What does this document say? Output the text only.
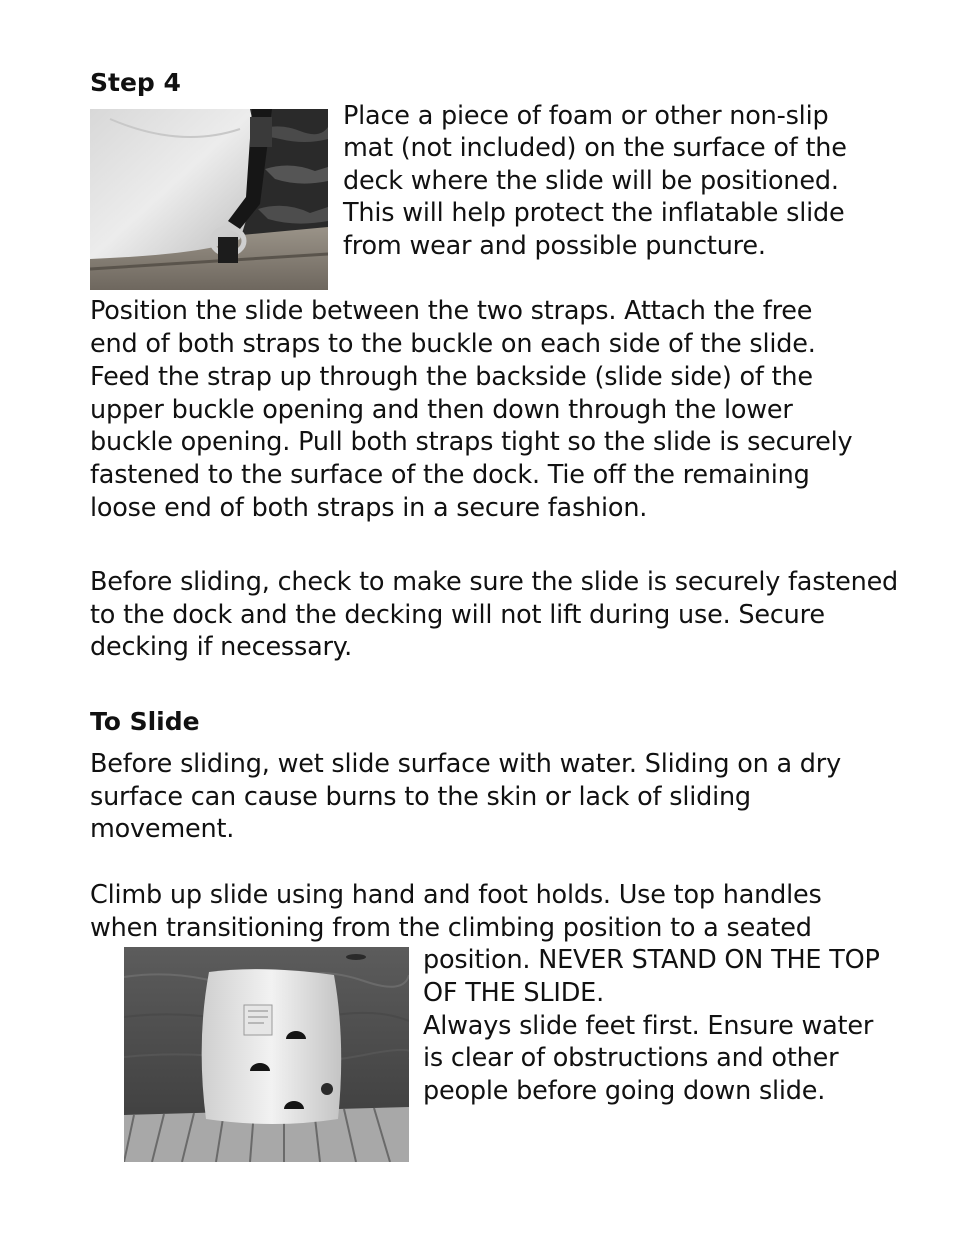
Step 4
Place a piece of foam or other non-slip
mat (not included) on the surface of the
deck where the slide will be positioned.
This will help protect the inflatable slide
from wear and possible puncture.
Position the slide between the two straps. Attach the free
end of both straps to the buckle on each side of the slide.
Feed the strap up through the backside (slide side) of the
upper buckle opening and then down through the lower
buckle opening. Pull both straps tight so the slide is securely
fastened to the surface of the dock. Tie off the remaining
loose end of both straps in a secure fashion.
Before sliding, check to make sure the slide is securely fastened
to the dock and the decking will not lift during use. Secure
decking if necessary.
To Slide
Before sliding, wet slide surface with water. Sliding on a dry
surface can cause burns to the skin or lack of sliding
movement.
Climb up slide using hand and foot holds. Use top handles
when transitioning from the climbing position to a seated
position. NEVER STAND ON THE TOP
OF THE SLIDE.
Always slide feet first. Ensure water
is clear of obstructions and other
people before going down slide.
